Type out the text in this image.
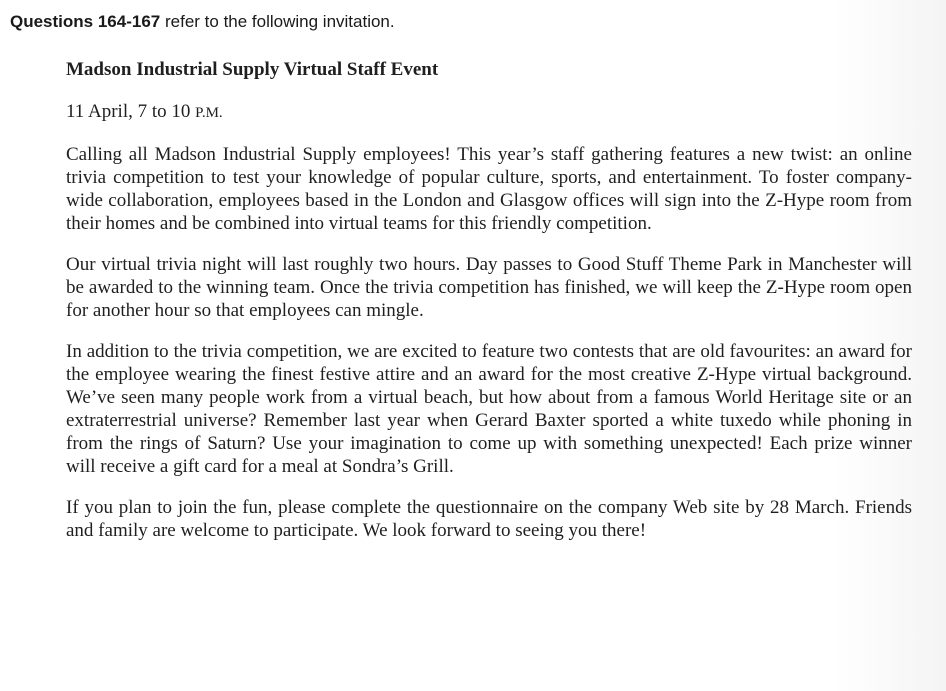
Questions 164-167 refer to the following invitation.
Madson Industrial Supply Virtual Staff Event
11 April, 7 to 10 P.M.

Calling all Madson Industrial Supply employees! This year’s staff gathering features a new twist: an online trivia competition to test your knowledge of popular culture, sports, and entertainment. To foster company-wide collaboration, employees based in the London and Glasgow offices will sign into the Z-Hype room from their homes and be combined into virtual teams for this friendly competition.

Our virtual trivia night will last roughly two hours. Day passes to Good Stuff Theme Park in Manchester will be awarded to the winning team. Once the trivia competition has finished, we will keep the Z-Hype room open for another hour so that employees can mingle.

In addition to the trivia competition, we are excited to feature two contests that are old favourites: an award for the employee wearing the finest festive attire and an award for the most creative Z-Hype virtual background. We’ve seen many people work from a virtual beach, but how about from a famous World Heritage site or an extraterrestrial universe? Remember last year when Gerard Baxter sported a white tuxedo while phoning in from the rings of Saturn? Use your imagination to come up with something unexpected! Each prize winner will receive a gift card for a meal at Sondra’s Grill.

If you plan to join the fun, please complete the questionnaire on the company Web site by 28 March. Friends and family are welcome to participate. We look forward to seeing you there!
